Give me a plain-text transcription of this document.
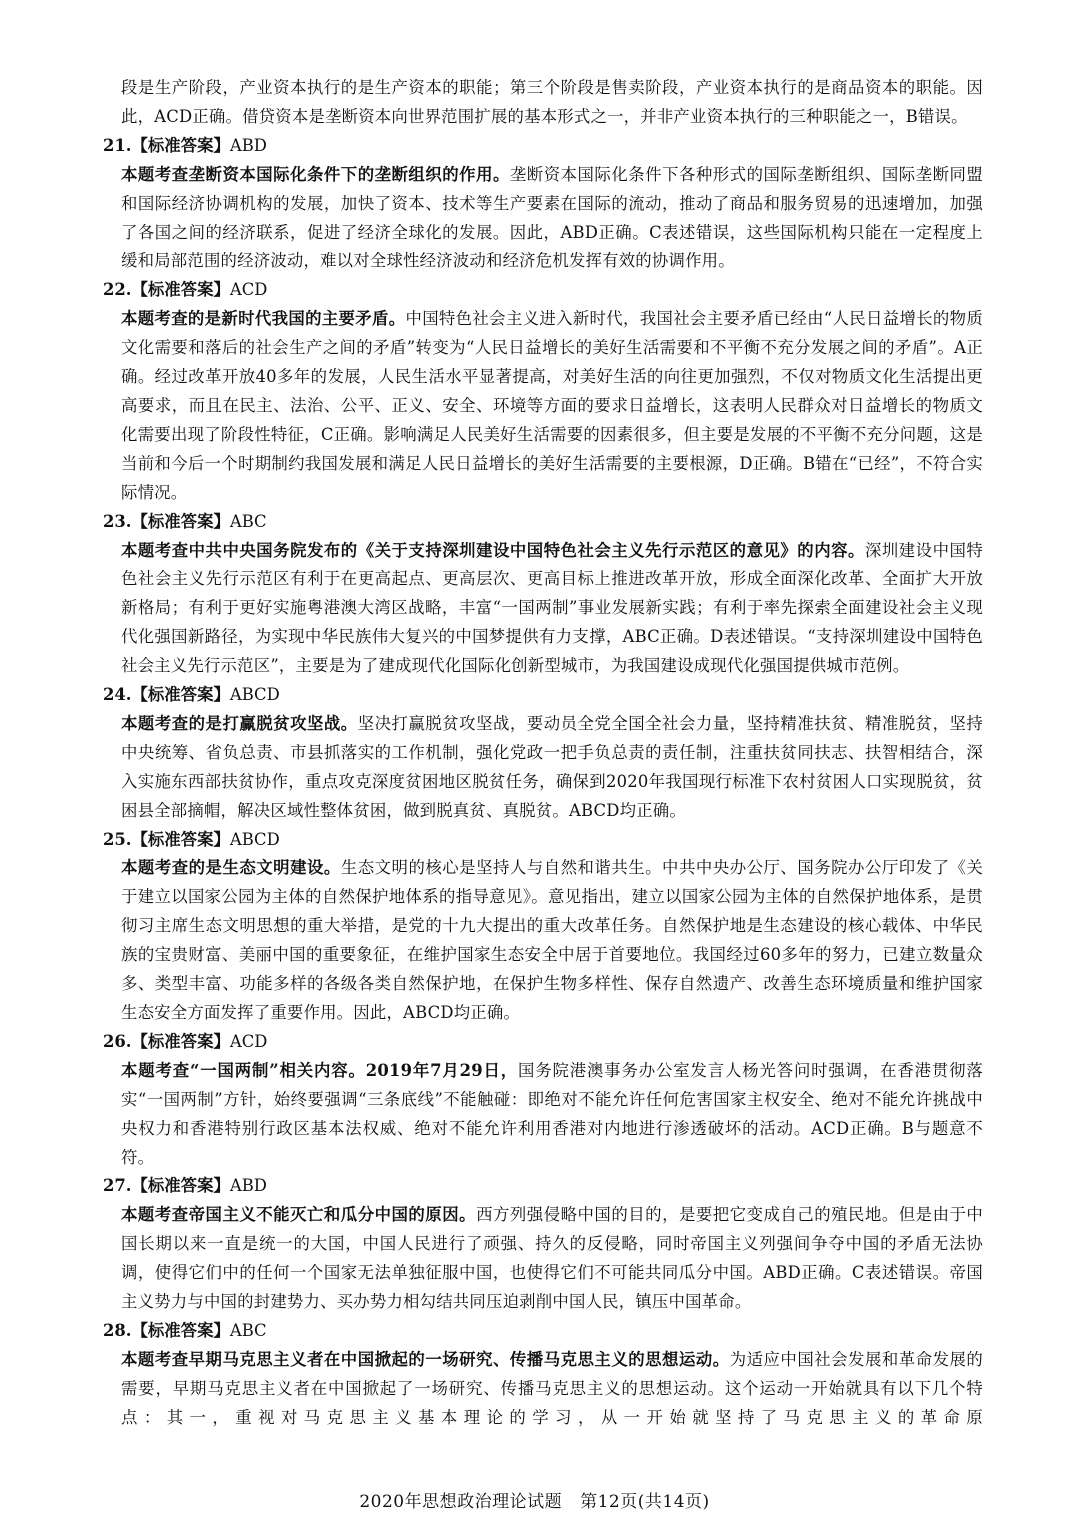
段是生产阶段，产业资本执行的是生产资本的职能；第三个阶段是售卖阶段，产业资本执行的是商品资本的职能。因此，ACD正确。借贷资本是垄断资本向世界范围扩展的基本形式之一，并非产业资本执行的三种职能之一，B错误。

21.【标准答案】ABD

本题考查垄断资本国际化条件下的垄断组织的作用。垄断资本国际化条件下各种形式的国际垄断组织、国际垄断同盟和国际经济协调机构的发展，加快了资本、技术等生产要素在国际的流动，推动了商品和服务贸易的迅速增加，加强了各国之间的经济联系，促进了经济全球化的发展。因此，ABD正确。C表述错误，这些国际机构只能在一定程度上缓和局部范围的经济波动，难以对全球性经济波动和经济危机发挥有效的协调作用。

22.【标准答案】ACD

本题考查的是新时代我国的主要矛盾。中国特色社会主义进入新时代，我国社会主要矛盾已经由“人民日益增长的物质文化需要和落后的社会生产之间的矛盾”转变为“人民日益增长的美好生活需要和不平衡不充分发展之间的矛盾”。A正确。经过改革开放40多年的发展，人民生活水平显著提高，对美好生活的向往更加强烈，不仅对物质文化生活提出更高要求，而且在民主、法治、公平、正义、安全、环境等方面的要求日益增长，这表明人民群众对日益增长的物质文化需要出现了阶段性特征，C正确。影响满足人民美好生活需要的因素很多，但主要是发展的不平衡不充分问题，这是当前和今后一个时期制约我国发展和满足人民日益增长的美好生活需要的主要根源，D正确。B错在“已经”，不符合实际情况。

23.【标准答案】ABC

本题考查中共中央国务院发布的《关于支持深圳建设中国特色社会主义先行示范区的意见》的内容。深圳建设中国特色社会主义先行示范区有利于在更高起点、更高层次、更高目标上推进改革开放，形成全面深化改革、全面扩大开放新格局；有利于更好实施粤港澳大湾区战略，丰富“一国两制”事业发展新实践；有利于率先探索全面建设社会主义现代化强国新路径，为实现中华民族伟大复兴的中国梦提供有力支撑，ABC正确。D表述错误。“支持深圳建设中国特色社会主义先行示范区”，主要是为了建成现代化国际化创新型城市，为我国建设成现代化强国提供城市范例。

24.【标准答案】ABCD

本题考查的是打赢脱贫攻坚战。坚决打赢脱贫攻坚战，要动员全党全国全社会力量，坚持精准扶贫、精准脱贫，坚持中央统筹、省负总责、市县抓落实的工作机制，强化党政一把手负总责的责任制，注重扶贫同扶志、扶智相结合，深入实施东西部扶贫协作，重点攻克深度贫困地区脱贫任务，确保到2020年我国现行标准下农村贫困人口实现脱贫，贫困县全部摘帽，解决区域性整体贫困，做到脱真贫、真脱贫。ABCD均正确。

25.【标准答案】ABCD

本题考查的是生态文明建设。生态文明的核心是坚持人与自然和谐共生。中共中央办公厅、国务院办公厅印发了《关于建立以国家公园为主体的自然保护地体系的指导意见》。意见指出，建立以国家公园为主体的自然保护地体系，是贯彻习主席生态文明思想的重大举措，是党的十九大提出的重大改革任务。自然保护地是生态建设的核心载体、中华民族的宝贵财富、美丽中国的重要象征，在维护国家生态安全中居于首要地位。我国经过60多年的努力，已建立数量众多、类型丰富、功能多样的各级各类自然保护地，在保护生物多样性、保存自然遗产、改善生态环境质量和维护国家生态安全方面发挥了重要作用。因此，ABCD均正确。

26.【标准答案】ACD

本题考查“一国两制”相关内容。2019年7月29日，国务院港澳事务办公室发言人杨光答问时强调，在香港贯彻落实“一国两制”方针，始终要强调“三条底线”不能触碰：即绝对不能允许任何危害国家主权安全、绝对不能允许挑战中央权力和香港特别行政区基本法权威、绝对不能允许利用香港对内地进行渗透破坏的活动。ACD正确。B与题意不符。

27.【标准答案】ABD

本题考查帝国主义不能灭亡和瓜分中国的原因。西方列强侵略中国的目的，是要把它变成自己的殖民地。但是由于中国长期以来一直是统一的大国，中国人民进行了顽强、持久的反侵略，同时帝国主义列强间争夺中国的矛盾无法协调，使得它们中的任何一个国家无法单独征服中国，也使得它们不可能共同瓜分中国。ABD正确。C表述错误。帝国主义势力与中国的封建势力、买办势力相勾结共同压迫剥削中国人民，镇压中国革命。

28.【标准答案】ABC

本题考查早期马克思主义者在中国掀起的一场研究、传播马克思主义的思想运动。为适应中国社会发展和革命发展的需要，早期马克思主义者在中国掀起了一场研究、传播马克思主义的思想运动。这个运动一开始就具有以下几个特点：其一，重视对马克思主义基本理论的学习，从一开始就坚持了马克思主义的革命原

2020年思想政治理论试题 第12页(共14页)
